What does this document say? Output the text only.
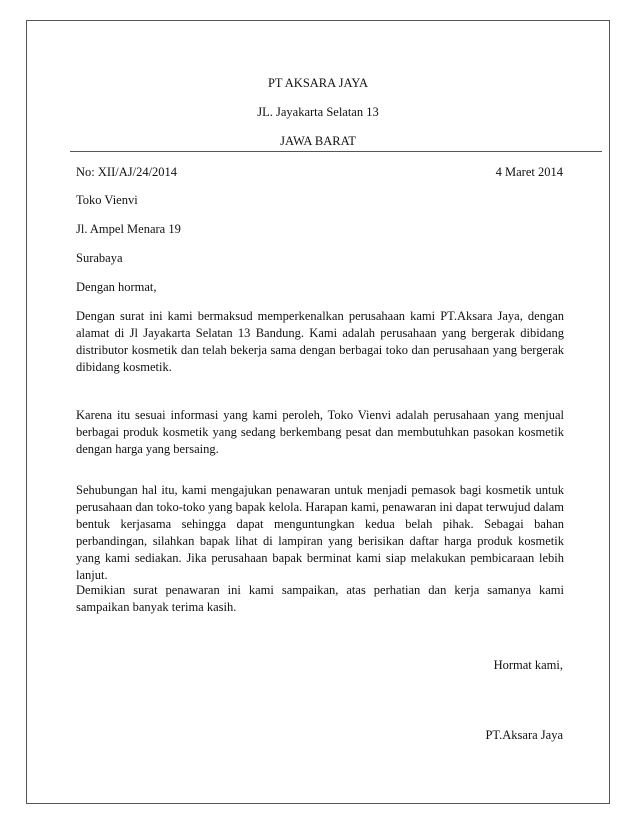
PT AKSARA JAYA
JL. Jayakarta Selatan 13
JAWA BARAT
No: XII/AJ/24/2014	4 Maret 2014
Toko Vienvi
Jl. Ampel Menara 19
Surabaya
Dengan hormat,
Dengan surat ini kami bermaksud memperkenalkan perusahaan kami PT.Aksara Jaya, dengan alamat di Jl Jayakarta Selatan 13 Bandung. Kami adalah perusahaan yang bergerak dibidang distributor kosmetik dan telah bekerja sama dengan berbagai toko dan perusahaan yang bergerak dibidang kosmetik.
Karena itu sesuai informasi yang kami peroleh, Toko Vienvi adalah perusahaan yang menjual berbagai produk kosmetik yang sedang berkembang pesat dan membutuhkan pasokan kosmetik dengan harga yang bersaing.
Sehubungan hal itu, kami mengajukan penawaran untuk menjadi pemasok bagi kosmetik untuk perusahaan dan toko-toko yang bapak kelola. Harapan kami, penawaran ini dapat terwujud dalam bentuk kerjasama sehingga dapat menguntungkan kedua belah pihak. Sebagai bahan perbandingan, silahkan bapak lihat di lampiran yang berisikan daftar harga produk kosmetik yang kami sediakan. Jika perusahaan bapak berminat kami siap melakukan pembicaraan lebih lanjut.
Demikian surat penawaran ini kami sampaikan, atas perhatian dan kerja samanya kami sampaikan banyak terima kasih.
Hormat kami,
PT.Aksara Jaya
